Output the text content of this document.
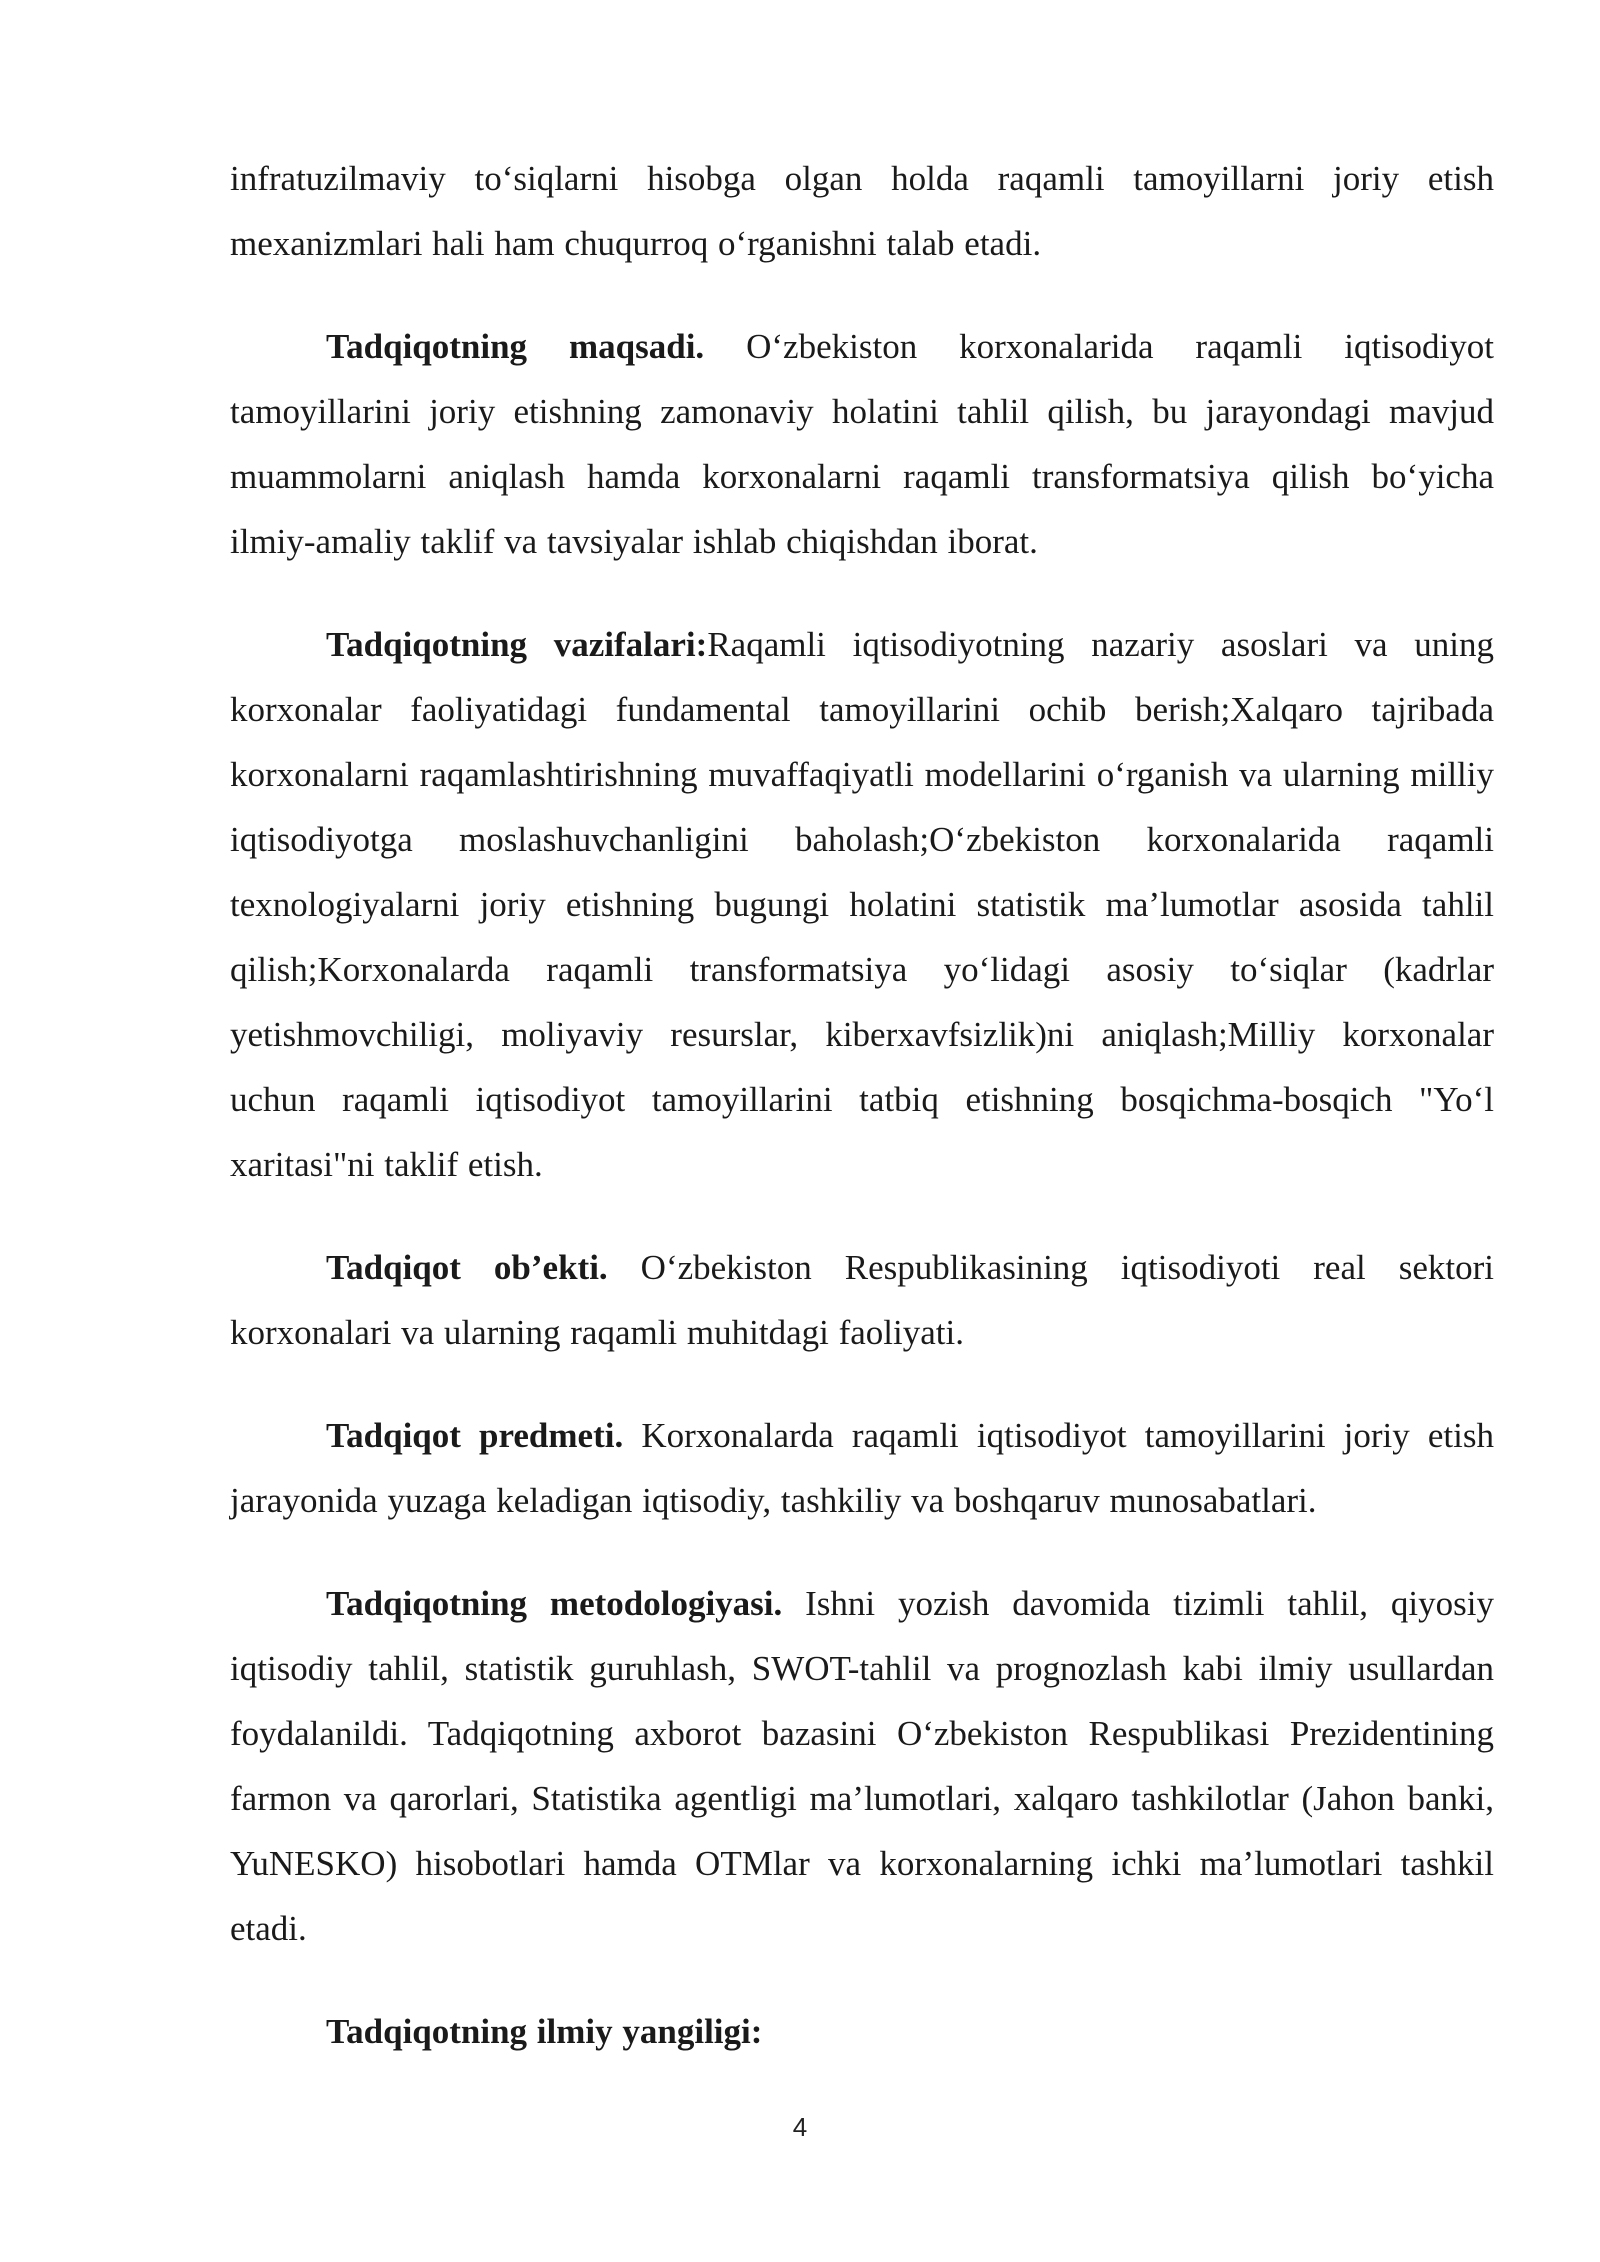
infratuzilmaviy to‘siqlarni hisobga olgan holda raqamli tamoyillarni joriy etish mexanizmlari hali ham chuqurroq o‘rganishni talab etadi.

Tadqiqotning maqsadi. O‘zbekiston korxonalarida raqamli iqtisodiyot tamoyillarini joriy etishning zamonaviy holatini tahlil qilish, bu jarayondagi mavjud muammolarni aniqlash hamda korxonalarni raqamli transformatsiya qilish bo‘yicha ilmiy-amaliy taklif va tavsiyalar ishlab chiqishdan iborat.

Tadqiqotning vazifalari:Raqamli iqtisodiyotning nazariy asoslari va uning korxonalar faoliyatidagi fundamental tamoyillarini ochib berish;Xalqaro tajribada korxonalarni raqamlashtirishning muvaffaqiyatli modellarini o‘rganish va ularning milliy iqtisodiyotga moslashuvchanligini baholash;O‘zbekiston korxonalarida raqamli texnologiyalarni joriy etishning bugungi holatini statistik ma’lumotlar asosida tahlil qilish;Korxonalarda raqamli transformatsiya yo‘lidagi asosiy to‘siqlar (kadrlar yetishmovchiligi, moliyaviy resurslar, kiberxavfsizlik)ni aniqlash;Milliy korxonalar uchun raqamli iqtisodiyot tamoyillarini tatbiq etishning bosqichma-bosqich "Yo‘l xaritasi"ni taklif etish.

Tadqiqot ob’ekti. O‘zbekiston Respublikasining iqtisodiyoti real sektori korxonalari va ularning raqamli muhitdagi faoliyati.

Tadqiqot predmeti. Korxonalarda raqamli iqtisodiyot tamoyillarini joriy etish jarayonida yuzaga keladigan iqtisodiy, tashkiliy va boshqaruv munosabatlari.

Tadqiqotning metodologiyasi. Ishni yozish davomida tizimli tahlil, qiyosiy iqtisodiy tahlil, statistik guruhlash, SWOT-tahlil va prognozlash kabi ilmiy usullardan foydalanildi. Tadqiqotning axborot bazasini O‘zbekiston Respublikasi Prezidentining farmon va qarorlari, Statistika agentligi ma’lumotlari, xalqaro tashkilotlar (Jahon banki, YuNESKO) hisobotlari hamda OTMlar va korxonalarning ichki ma’lumotlari tashkil etadi.

Tadqiqotning ilmiy yangiligi:

4
